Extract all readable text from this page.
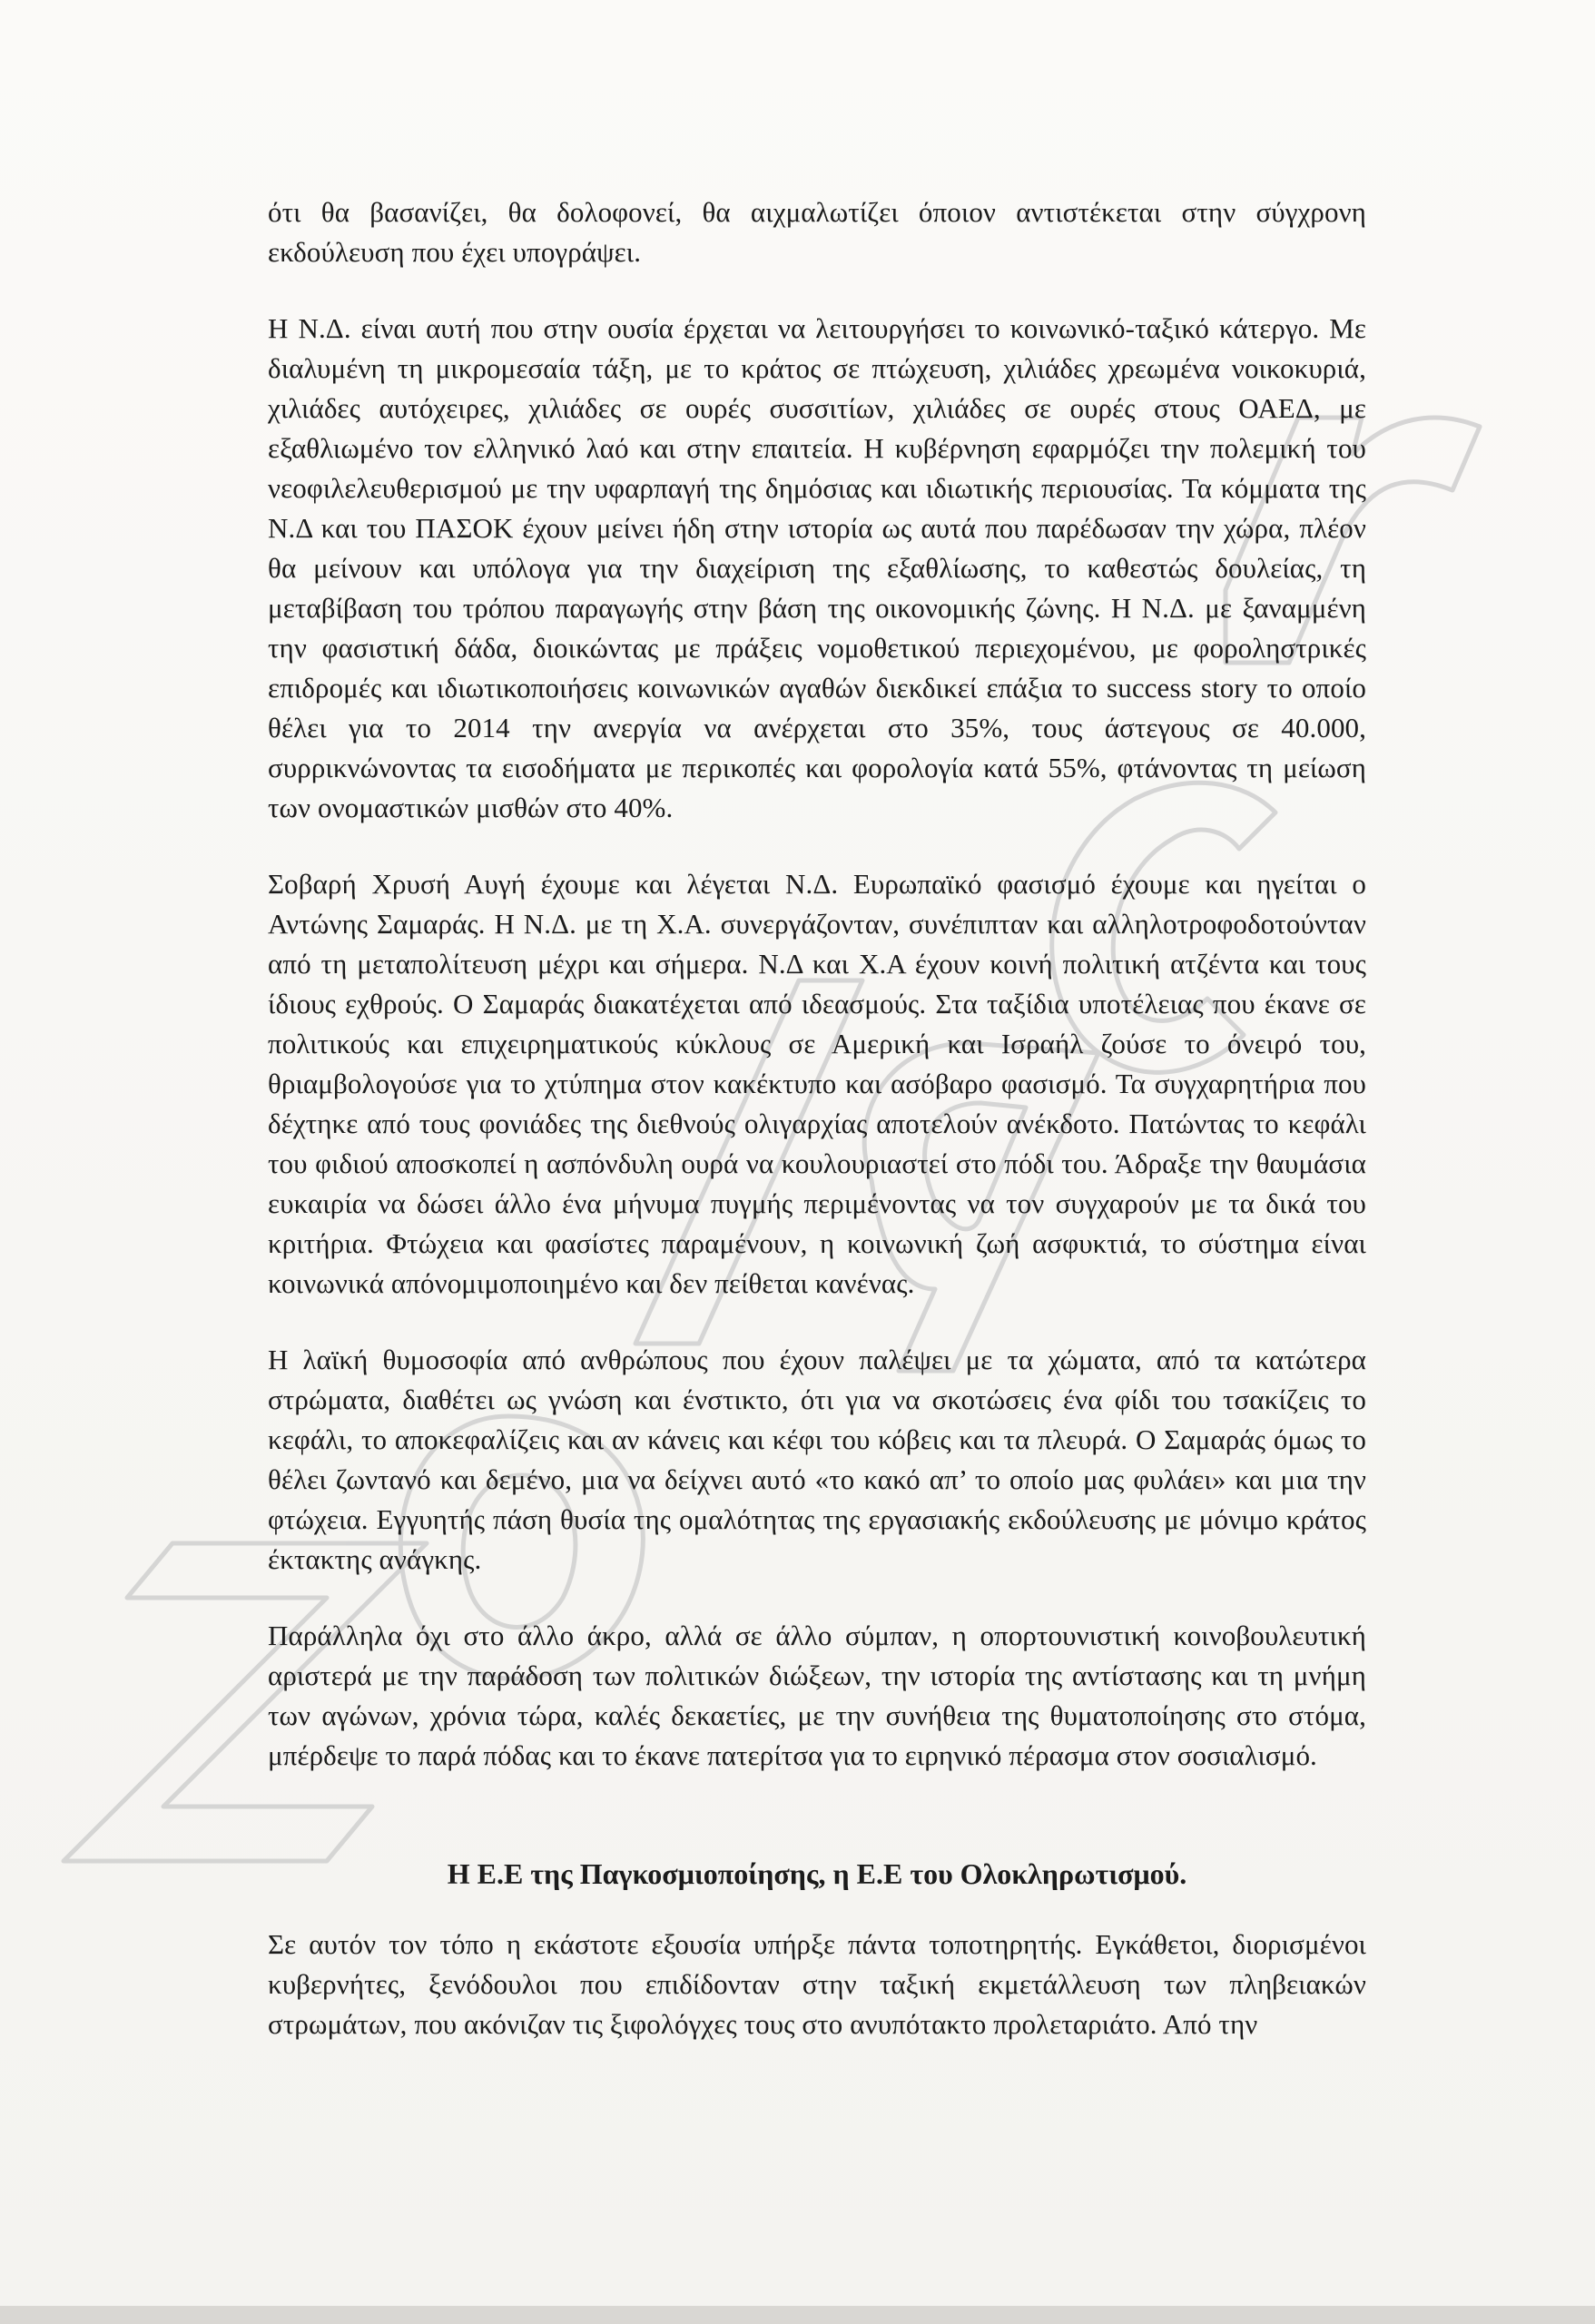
ότι θα βασανίζει, θα δολοφονεί, θα αιχμαλωτίζει όποιον αντιστέκεται στην σύγχρονη εκδούλευση που έχει υπογράψει.

Η Ν.Δ. είναι αυτή που στην ουσία έρχεται να λειτουργήσει το κοινωνικό-ταξικό κάτεργο. Με διαλυμένη τη μικρομεσαία τάξη, με το κράτος σε πτώχευση, χιλιάδες χρεωμένα νοικοκυριά, χιλιάδες αυτόχειρες, χιλιάδες σε ουρές συσσιτίων, χιλιάδες σε ουρές στους ΟΑΕΔ, με εξαθλιωμένο τον ελληνικό λαό και στην επαιτεία. Η κυβέρνηση εφαρμόζει την πολεμική του νεοφιλελευθερισμού με την υφαρπαγή της δημόσιας και ιδιωτικής περιουσίας. Τα κόμματα της Ν.Δ και του ΠΑΣΟΚ έχουν μείνει ήδη στην ιστορία ως αυτά που παρέδωσαν την χώρα, πλέον θα μείνουν και υπόλογα για την διαχείριση της εξαθλίωσης, το καθεστώς δουλείας, τη μεταβίβαση του τρόπου παραγωγής στην βάση της οικονομικής ζώνης. Η Ν.Δ. με ξαναμμένη την φασιστική δάδα, διοικώντας με πράξεις νομοθετικού περιεχομένου, με φοροληστρικές επιδρομές και ιδιωτικοποιήσεις κοινωνικών αγαθών διεκδικεί επάξια το success story το οποίο θέλει για το 2014 την ανεργία να ανέρχεται στο 35%, τους άστεγους σε 40.000, συρρικνώνοντας τα εισοδήματα με περικοπές και φορολογία κατά 55%, φτάνοντας τη μείωση των ονομαστικών μισθών στο 40%.

Σοβαρή Χρυσή Αυγή έχουμε και λέγεται Ν.Δ. Ευρωπαϊκό φασισμό έχουμε και ηγείται ο Αντώνης Σαμαράς. Η Ν.Δ. με τη Χ.Α. συνεργάζονταν, συνέπιπταν και αλληλοτροφοδοτούνταν από τη μεταπολίτευση μέχρι και σήμερα. Ν.Δ και Χ.Α έχουν κοινή πολιτική ατζέντα και τους ίδιους εχθρούς. Ο Σαμαράς διακατέχεται από ιδεασμούς. Στα ταξίδια υποτέλειας που έκανε σε πολιτικούς και επιχειρηματικούς κύκλους σε Αμερική και Ισραήλ ζούσε το όνειρό του, θριαμβολογούσε για το χτύπημα στον κακέκτυπο και ασόβαρο φασισμό. Τα συγχαρητήρια που δέχτηκε από τους φονιάδες της διεθνούς ολιγαρχίας αποτελούν ανέκδοτο. Πατώντας το κεφάλι του φιδιού αποσκοπεί η ασπόνδυλη ουρά να κουλουριαστεί στο πόδι του. Άδραξε την θαυμάσια ευκαιρία να δώσει άλλο ένα μήνυμα πυγμής περιμένοντας να τον συγχαρούν με τα δικά του κριτήρια. Φτώχεια και φασίστες παραμένουν, η κοινωνική ζωή ασφυκτιά, το σύστημα είναι κοινωνικά απόνομιμοποιημένο και δεν πείθεται κανένας.

Η λαϊκή θυμοσοφία από ανθρώπους που έχουν παλέψει με τα χώματα, από τα κατώτερα στρώματα, διαθέτει ως γνώση και ένστικτο, ότι για να σκοτώσεις ένα φίδι του τσακίζεις το κεφάλι, το αποκεφαλίζεις και αν κάνεις και κέφι του κόβεις και τα πλευρά. Ο Σαμαράς όμως το θέλει ζωντανό και δεμένο, μια να δείχνει αυτό «το κακό απ’ το οποίο μας φυλάει» και μια την φτώχεια. Εγγυητής πάση θυσία της ομαλότητας της εργασιακής εκδούλευσης με μόνιμο κράτος έκτακτης ανάγκης.

Παράλληλα όχι στο άλλο άκρο, αλλά σε άλλο σύμπαν, η οπορτουνιστική κοινοβουλευτική αριστερά με την παράδοση των πολιτικών διώξεων, την ιστορία της αντίστασης και τη μνήμη των αγώνων, χρόνια τώρα, καλές δεκαετίες, με την συνήθεια της θυματοποίησης στο στόμα, μπέρδεψε το παρά πόδας και το έκανε πατερίτσα για το ειρηνικό πέρασμα στον σοσιαλισμό.

Η Ε.Ε της Παγκοσμιοποίησης, η Ε.Ε του Ολοκληρωτισμού.

Σε αυτόν τον τόπο η εκάστοτε εξουσία υπήρξε πάντα τοποτηρητής. Εγκάθετοι, διορισμένοι κυβερνήτες, ξενόδουλοι που επιδίδονταν στην ταξική εκμετάλλευση των πληβειακών στρωμάτων, που ακόνιζαν τις ξιφολόγχες τους στο ανυπότακτο προλεταριάτο. Από την
